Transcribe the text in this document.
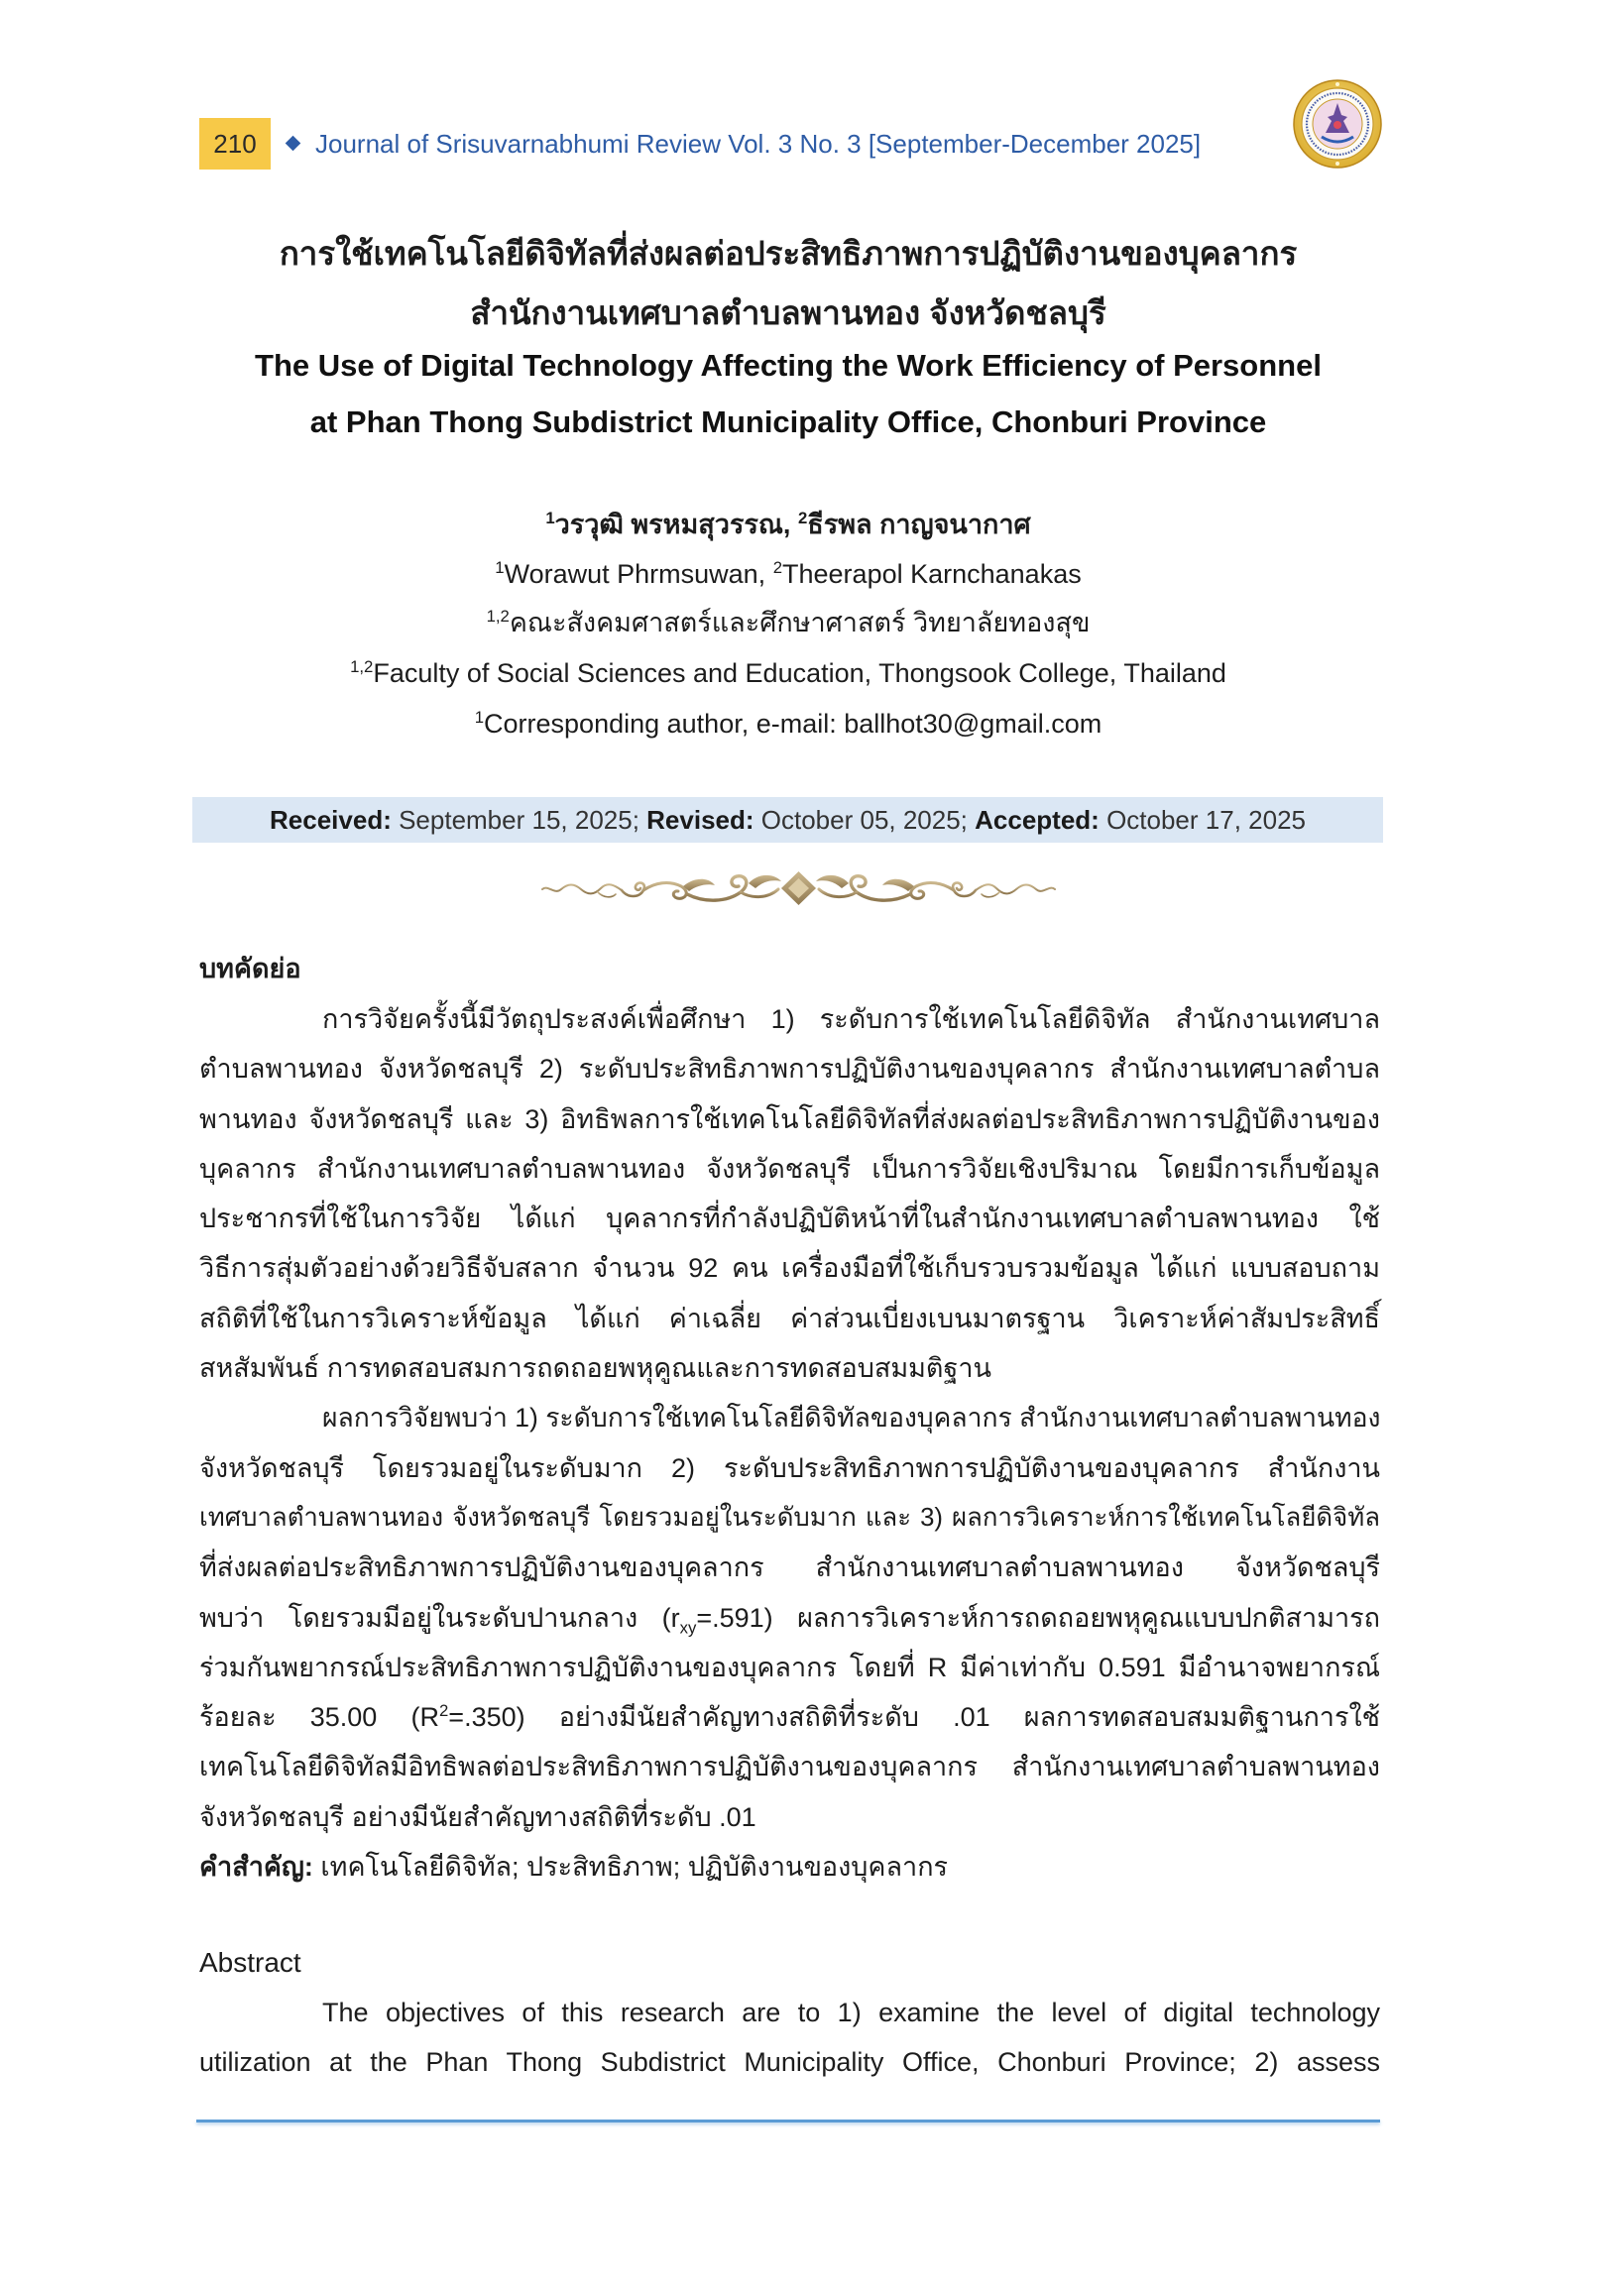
210	Journal of Srisuvarnabhumi Review Vol. 3 No. 3 [September-December 2025]
การใช้เทคโนโลยีดิจิทัลที่ส่งผลต่อประสิทธิภาพการปฏิบัติงานของบุคลากร
สำนักงานเทศบาลตำบลพานทอง จังหวัดชลบุรี
The Use of Digital Technology Affecting the Work Efficiency of Personnel
at Phan Thong Subdistrict Municipality Office, Chonburi Province
$^1$วรวุฒิ พรหมสุวรรณ, $^2$ธีรพล กาญจนากาศ
$^1$Worawut Phrmsuwan, $^2$Theerapol Karnchanakas
$^{1,2}$คณะสังคมศาสตร์และศึกษาศาสตร์ วิทยาลัยทองสุข
$^{1,2}$Faculty of Social Sciences and Education, Thongsook College, Thailand
$^1$Corresponding author, e-mail: ballhot30@gmail.com
Received: September 15, 2025; Revised: October 05, 2025; Accepted: October 17, 2025
บทคัดย่อ
การวิจัยครั้งนี้มีวัตถุประสงค์เพื่อศึกษา 1) ระดับการใช้เทคโนโลยีดิจิทัล สำนักงานเทศบาล
ตำบลพานทอง จังหวัดชลบุรี 2) ระดับประสิทธิภาพการปฏิบัติงานของบุคลากร สำนักงานเทศบาลตำบล
พานทอง จังหวัดชลบุรี และ 3) อิทธิพลการใช้เทคโนโลยีดิจิทัลที่ส่งผลต่อประสิทธิภาพการปฏิบัติงานของ
บุคลากร สำนักงานเทศบาลตำบลพานทอง จังหวัดชลบุรี เป็นการวิจัยเชิงปริมาณ โดยมีการเก็บข้อมูล
ประชากรที่ใช้ในการวิจัย ได้แก่ บุคลากรที่กำลังปฏิบัติหน้าที่ในสำนักงานเทศบาลตำบลพานทอง ใช้
วิธีการสุ่มตัวอย่างด้วยวิธีจับสลาก จำนวน 92 คน เครื่องมือที่ใช้เก็บรวบรวมข้อมูล ได้แก่ แบบสอบถาม
สถิติที่ใช้ในการวิเคราะห์ข้อมูล ได้แก่ ค่าเฉลี่ย ค่าส่วนเบี่ยงเบนมาตรฐาน วิเคราะห์ค่าสัมประสิทธิ์
สหสัมพันธ์ การทดสอบสมการถดถอยพหุคูณและการทดสอบสมมติฐาน
ผลการวิจัยพบว่า 1) ระดับการใช้เทคโนโลยีดิจิทัลของบุคลากร สำนักงานเทศบาลตำบลพานทอง
จังหวัดชลบุรี โดยรวมอยู่ในระดับมาก 2) ระดับประสิทธิภาพการปฏิบัติงานของบุคลากร สำนักงาน
เทศบาลตำบลพานทอง จังหวัดชลบุรี โดยรวมอยู่ในระดับมาก และ 3) ผลการวิเคราะห์การใช้เทคโนโลยีดิจิทัล
ที่ส่งผลต่อประสิทธิภาพการปฏิบัติงานของบุคลากร สำนักงานเทศบาลตำบลพานทอง จังหวัดชลบุรี
พบว่า โดยรวมมีอยู่ในระดับปานกลาง $(r_{xy}=.591)$ ผลการวิเคราะห์การถดถอยพหุคูณแบบปกติสามารถ
ร่วมกันพยากรณ์ประสิทธิภาพการปฏิบัติงานของบุคลากร โดยที่ R มีค่าเท่ากับ 0.591 มีอำนาจพยากรณ์
ร้อยละ 35.00 $(R^2=.350)$ อย่างมีนัยสำคัญทางสถิติที่ระดับ .01 ผลการทดสอบสมมติฐานการใช้
เทคโนโลยีดิจิทัลมีอิทธิพลต่อประสิทธิภาพการปฏิบัติงานของบุคลากร สำนักงานเทศบาลตำบลพานทอง
จังหวัดชลบุรี อย่างมีนัยสำคัญทางสถิติที่ระดับ .01
คำสำคัญ: เทคโนโลยีดิจิทัล; ประสิทธิภาพ; ปฏิบัติงานของบุคลากร
Abstract
The objectives of this research are to 1) examine the level of digital technology
utilization at the Phan Thong Subdistrict Municipality Office, Chonburi Province; 2) assess
